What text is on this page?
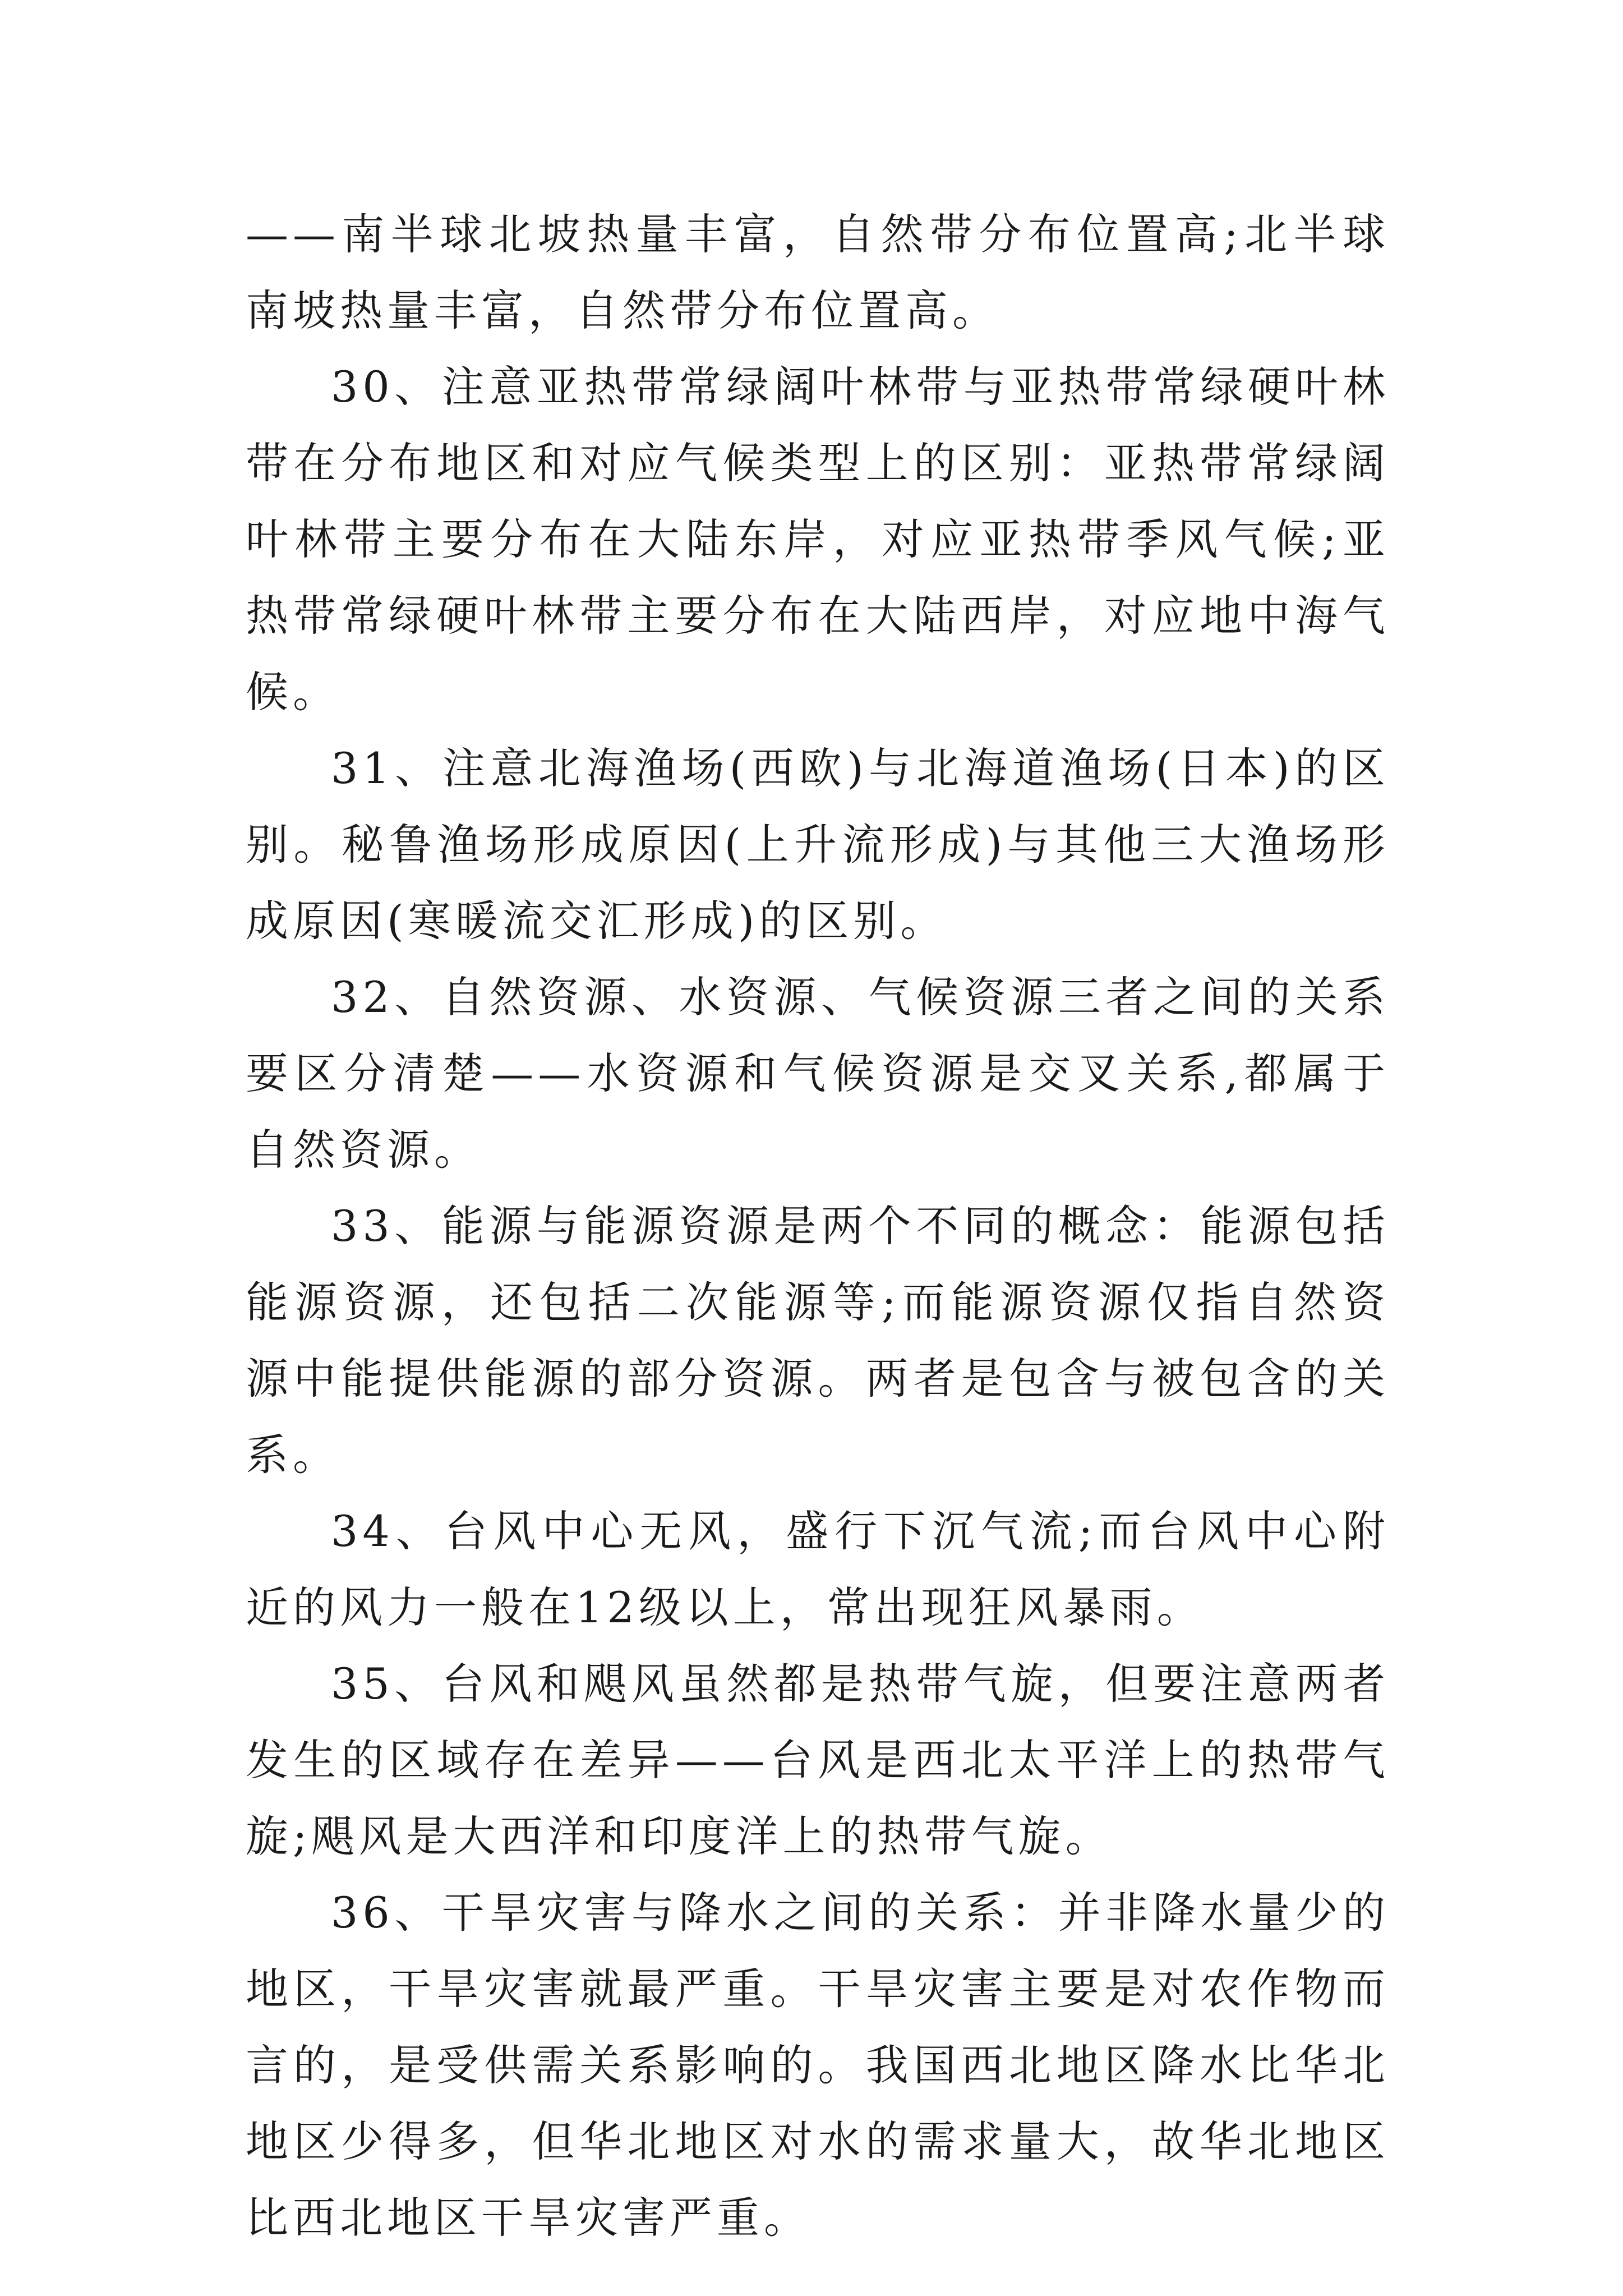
——南半球北坡热量丰富，自然带分布位置高;北半球南坡热量丰富，自然带分布位置高。

30、注意亚热带常绿阔叶林带与亚热带常绿硬叶林带在分布地区和对应气候类型上的区别：亚热带常绿阔叶林带主要分布在大陆东岸，对应亚热带季风气候;亚热带常绿硬叶林带主要分布在大陆西岸，对应地中海气候。

31、注意北海渔场(西欧)与北海道渔场(日本)的区别。秘鲁渔场形成原因(上升流形成)与其他三大渔场形成原因(寒暖流交汇形成)的区别。

32、自然资源、水资源、气候资源三者之间的关系要区分清楚——水资源和气候资源是交叉关系,都属于自然资源。

33、能源与能源资源是两个不同的概念：能源包括能源资源，还包括二次能源等;而能源资源仅指自然资源中能提供能源的部分资源。两者是包含与被包含的关系。

34、台风中心无风，盛行下沉气流;而台风中心附近的风力一般在12级以上，常出现狂风暴雨。

35、台风和飓风虽然都是热带气旋，但要注意两者发生的区域存在差异——台风是西北太平洋上的热带气旋;飓风是大西洋和印度洋上的热带气旋。

36、干旱灾害与降水之间的关系：并非降水量少的地区，干旱灾害就最严重。干旱灾害主要是对农作物而言的，是受供需关系影响的。我国西北地区降水比华北地区少得多，但华北地区对水的需求量大，故华北地区比西北地区干旱灾害严重。
